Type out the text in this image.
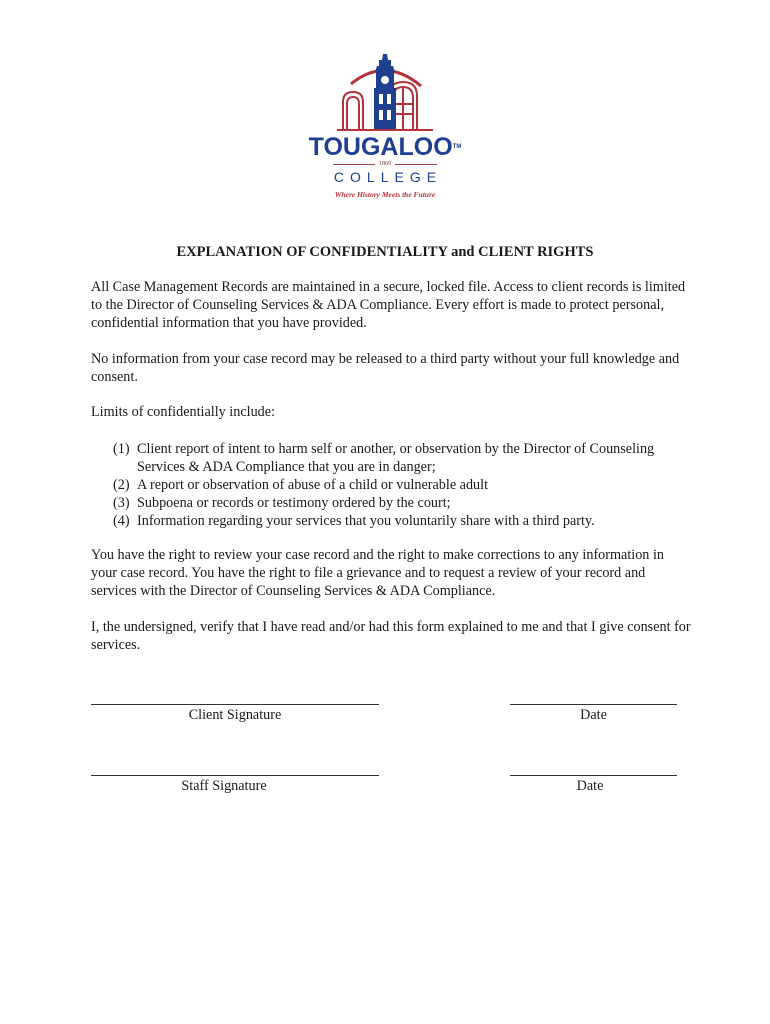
TOUGALOO™
1869
COLLEGE
Where History Meets the Future
EXPLANATION OF CONFIDENTIALITY and CLIENT RIGHTS
All Case Management Records are maintained in a secure, locked file. Access to client records is limited to the Director of Counseling Services & ADA Compliance. Every effort is made to protect personal, confidential information that you have provided.
No information from your case record may be released to a third party without your full knowledge and consent.
Limits of confidentially include:
(1) Client report of intent to harm self or another, or observation by the Director of Counseling Services & ADA Compliance that you are in danger;
(2) A report or observation of abuse of a child or vulnerable adult
(3) Subpoena or records or testimony ordered by the court;
(4) Information regarding your services that you voluntarily share with a third party.
You have the right to review your case record and the right to make corrections to any information in your case record. You have the right to file a grievance and to request a review of your record and services with the Director of Counseling Services & ADA Compliance.
I, the undersigned, verify that I have read and/or had this form explained to me and that I give consent for services.
Client Signature	Date
Staff Signature	Date
